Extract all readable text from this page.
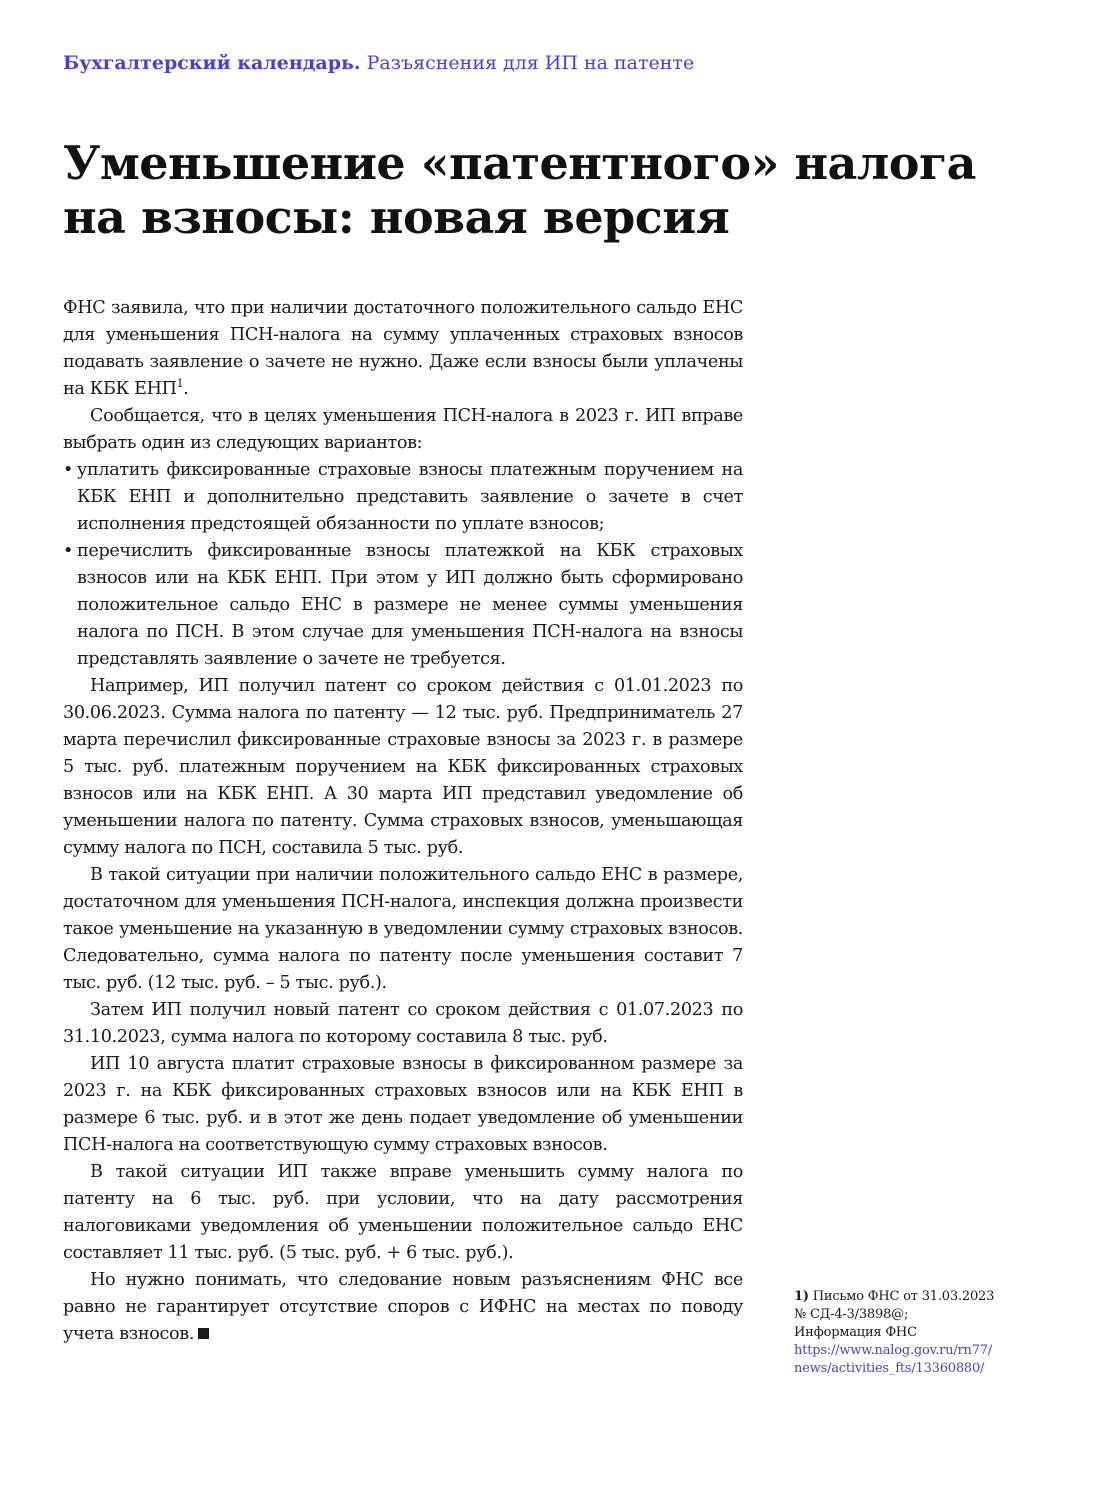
Бухгалтерский календарь. Разъяснения для ИП на патенте
Уменьшение «патентного» налога
на взносы: новая версия

ФНС заявила, что при наличии достаточного положительного сальдо ЕНС для уменьшения ПСН-налога на сумму уплаченных страховых взносов подавать заявление о зачете не нужно. Даже если взносы были уплачены на КБК ЕНП$^1$.

Сообщается, что в целях уменьшения ПСН-налога в 2023 г. ИП вправе выбрать один из следующих вариантов:

• уплатить фиксированные страховые взносы платежным поручением на КБК ЕНП и дополнительно представить заявление о зачете в счет исполнения предстоящей обязанности по уплате взносов;
• перечислить фиксированные взносы платежкой на КБК страховых взносов или на КБК ЕНП. При этом у ИП должно быть сформировано положительное сальдо ЕНС в размере не менее суммы уменьшения налога по ПСН. В этом случае для уменьшения ПСН-налога на взносы представлять заявление о зачете не требуется.

Например, ИП получил патент со сроком действия с 01.01.2023 по 30.06.2023. Сумма налога по патенту — 12 тыс. руб. Предприниматель 27 марта перечислил фиксированные страховые взносы за 2023 г. в размере 5 тыс. руб. платежным поручением на КБК фиксированных страховых взносов или на КБК ЕНП. А 30 марта ИП представил уведомление об уменьшении налога по патенту. Сумма страховых взносов, уменьшающая сумму налога по ПСН, составила 5 тыс. руб.

В такой ситуации при наличии положительного сальдо ЕНС в размере, достаточном для уменьшения ПСН-налога, инспекция должна произвести такое уменьшение на указанную в уведомлении сумму страховых взносов. Следовательно, сумма налога по патенту после уменьшения составит 7 тыс. руб. (12 тыс. руб. – 5 тыс. руб.).

Затем ИП получил новый патент со сроком действия с 01.07.2023 по 31.10.2023, сумма налога по которому составила 8 тыс. руб.

ИП 10 августа платит страховые взносы в фиксированном размере за 2023 г. на КБК фиксированных страховых взносов или на КБК ЕНП в размере 6 тыс. руб. и в этот же день подает уведомление об уменьшении ПСН-налога на соответствующую сумму страховых взносов.

В такой ситуации ИП также вправе уменьшить сумму налога по патенту на 6 тыс. руб. при условии, что на дату рассмотрения налоговиками уведомления об уменьшении положительное сальдо ЕНС составляет 11 тыс. руб. (5 тыс. руб. + 6 тыс. руб.).

Но нужно понимать, что следование новым разъяснениям ФНС все равно не гарантирует отсутствие споров с ИФНС на местах по поводу учета взносов.

1) Письмо ФНС от 31.03.2023
№ СД-4-3/3898@;
Информация ФНС
https://www.nalog.gov.ru/rn77/
news/activities_fts/13360880/
